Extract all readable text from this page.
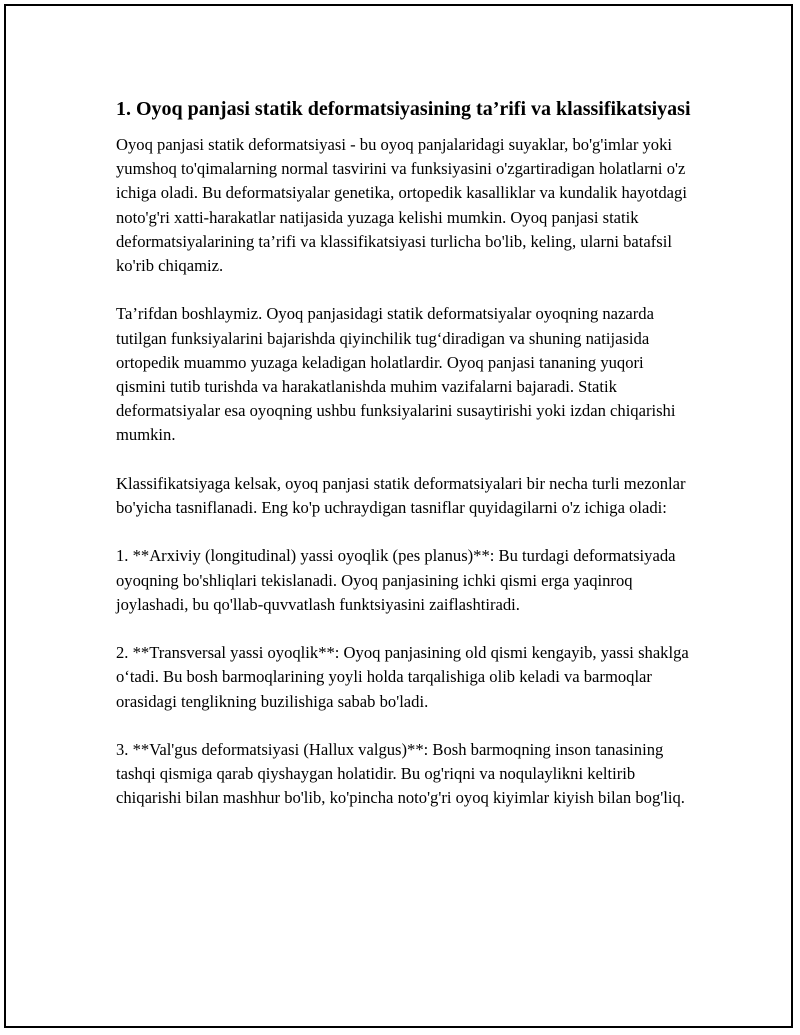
1. Oyoq panjasi statik deformatsiyasining ta’rifi va klassifikatsiyasi

Oyoq panjasi statik deformatsiyasi - bu oyoq panjalaridagi suyaklar, bo'g'imlar yoki yumshoq to'qimalarning normal tasvirini va funksiyasini o'zgartiradigan holatlarni o'z ichiga oladi. Bu deformatsiyalar genetika, ortopedik kasalliklar va kundalik hayotdagi noto'g'ri xatti-harakatlar natijasida yuzaga kelishi mumkin. Oyoq panjasi statik deformatsiyalarining ta’rifi va klassifikatsiyasi turlicha bo'lib, keling, ularni batafsil ko'rib chiqamiz.

Ta’rifdan boshlaymiz. Oyoq panjasidagi statik deformatsiyalar oyoqning nazarda tutilgan funksiyalarini bajarishda qiyinchilik tug‘diradigan va shuning natijasida ortopedik muammo yuzaga keladigan holatlardir. Oyoq panjasi tananing yuqori qismini tutib turishda va harakatlanishda muhim vazifalarni bajaradi. Statik deformatsiyalar esa oyoqning ushbu funksiyalarini susaytirishi yoki izdan chiqarishi mumkin.

Klassifikatsiyaga kelsak, oyoq panjasi statik deformatsiyalari bir necha turli mezonlar bo'yicha tasniflanadi. Eng ko'p uchraydigan tasniflar quyidagilarni o'z ichiga oladi:

1. **Arxiviy (longitudinal) yassi oyoqlik (pes planus)**: Bu turdagi deformatsiyada oyoqning bo'shliqlari tekislanadi. Oyoq panjasining ichki qismi erga yaqinroq joylashadi, bu qo'llab-quvvatlash funktsiyasini zaiflashtiradi.

2. **Transversal yassi oyoqlik**: Oyoq panjasining old qismi kengayib, yassi shaklga o‘tadi. Bu bosh barmoqlarining yoyli holda tarqalishiga olib keladi va barmoqlar orasidagi tenglikning buzilishiga sabab bo'ladi.

3. **Val'gus deformatsiyasi (Hallux valgus)**: Bosh barmoqning inson tanasining tashqi qismiga qarab qiyshaygan holatidir. Bu og'riqni va noqulaylikni keltirib chiqarishi bilan mashhur bo'lib, ko'pincha noto'g'ri oyoq kiyimlar kiyish bilan bog'liq.
